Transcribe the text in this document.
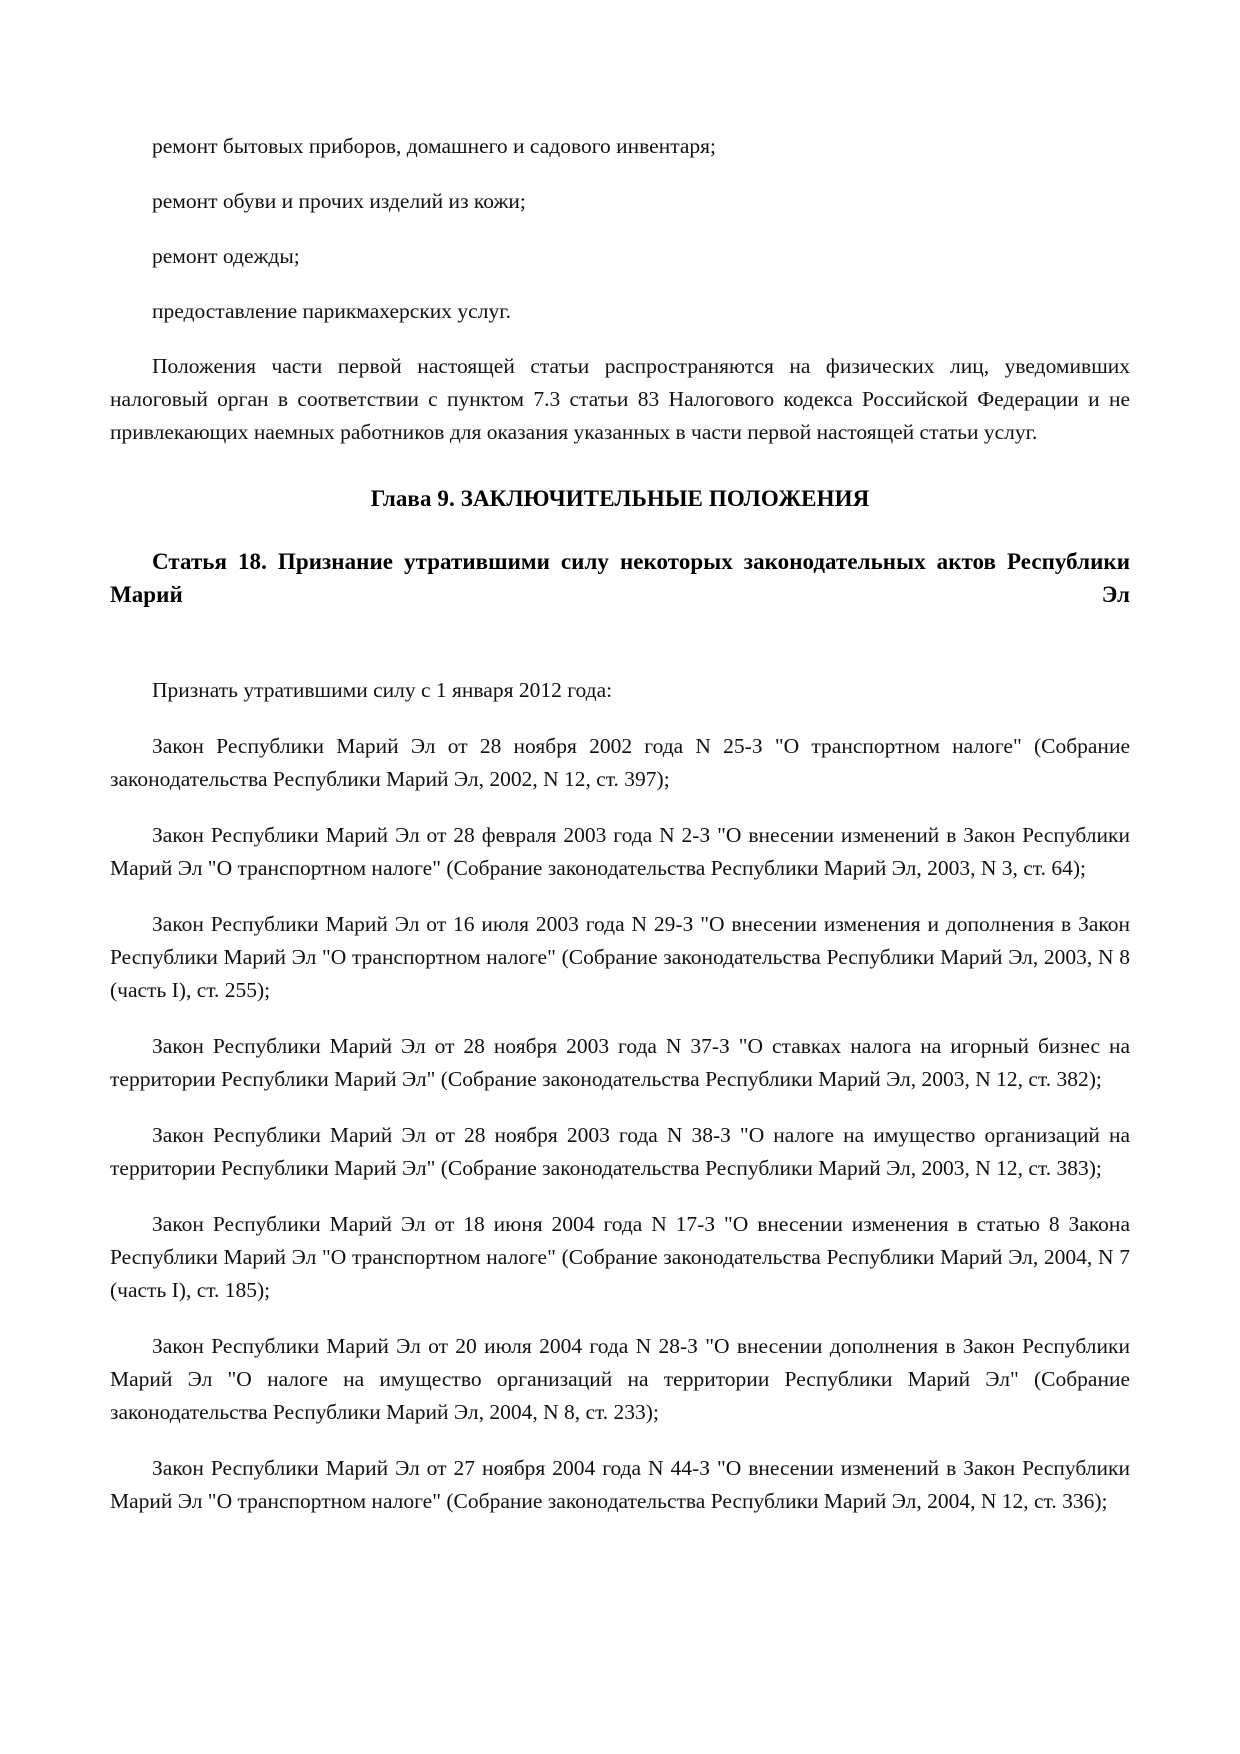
ремонт бытовых приборов, домашнего и садового инвентаря;

ремонт обуви и прочих изделий из кожи;

ремонт одежды;

предоставление парикмахерских услуг.

Положения части первой настоящей статьи распространяются на физических лиц, уведомивших налоговый орган в соответствии с пунктом 7.3 статьи 83 Налогового кодекса Российской Федерации и не привлекающих наемных работников для оказания указанных в части первой настоящей статьи услуг.

Глава 9. ЗАКЛЮЧИТЕЛЬНЫЕ ПОЛОЖЕНИЯ
Статья 18. Признание утратившими силу некоторых законодательных актов Республики Марий Эл

Признать утратившими силу с 1 января 2012 года:

Закон Республики Марий Эл от 28 ноября 2002 года N 25-З "О транспортном налоге" (Собрание законодательства Республики Марий Эл, 2002, N 12, ст. 397);

Закон Республики Марий Эл от 28 февраля 2003 года N 2-З "О внесении изменений в Закон Республики Марий Эл "О транспортном налоге" (Собрание законодательства Республики Марий Эл, 2003, N 3, ст. 64);

Закон Республики Марий Эл от 16 июля 2003 года N 29-З "О внесении изменения и дополнения в Закон Республики Марий Эл "О транспортном налоге" (Собрание законодательства Республики Марий Эл, 2003, N 8 (часть I), ст. 255);

Закон Республики Марий Эл от 28 ноября 2003 года N 37-З "О ставках налога на игорный бизнес на территории Республики Марий Эл" (Собрание законодательства Республики Марий Эл, 2003, N 12, ст. 382);

Закон Республики Марий Эл от 28 ноября 2003 года N 38-З "О налоге на имущество организаций на территории Республики Марий Эл" (Собрание законодательства Республики Марий Эл, 2003, N 12, ст. 383);

Закон Республики Марий Эл от 18 июня 2004 года N 17-З "О внесении изменения в статью 8 Закона Республики Марий Эл "О транспортном налоге" (Собрание законодательства Республики Марий Эл, 2004, N 7 (часть I), ст. 185);

Закон Республики Марий Эл от 20 июля 2004 года N 28-З "О внесении дополнения в Закон Республики Марий Эл "О налоге на имущество организаций на территории Республики Марий Эл" (Собрание законодательства Республики Марий Эл, 2004, N 8, ст. 233);

Закон Республики Марий Эл от 27 ноября 2004 года N 44-З "О внесении изменений в Закон Республики Марий Эл "О транспортном налоге" (Собрание законодательства Республики Марий Эл, 2004, N 12, ст. 336);
